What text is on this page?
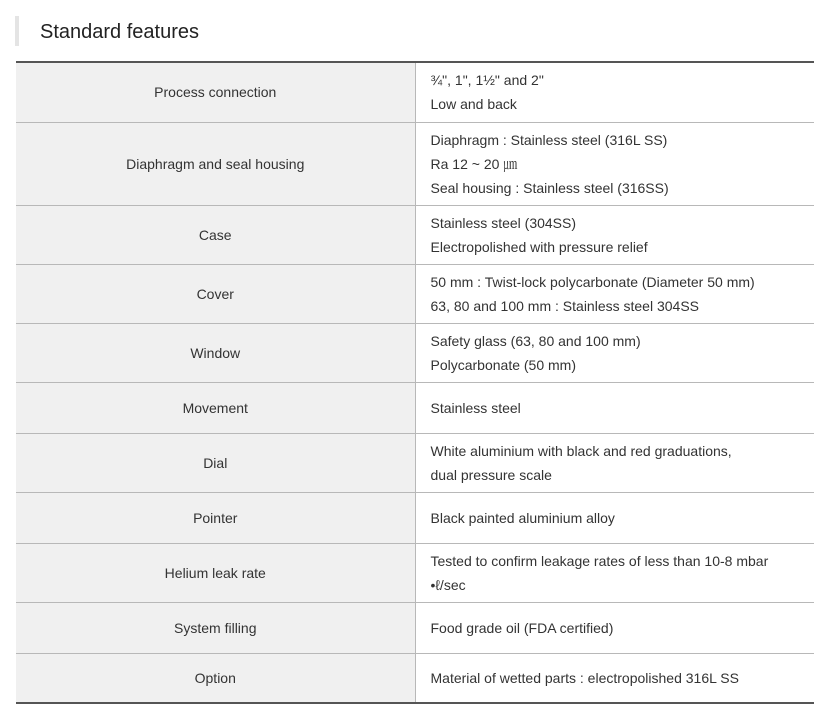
Standard features
Process connection	¾", 1", 1½" and 2"
Low and back

Diaphragm and seal housing	Diaphragm : Stainless steel (316L SS)
Ra 12 ~ 20 ㎛
Seal housing : Stainless steel (316SS)

Case	Stainless steel (304SS)
Electropolished with pressure relief

Cover	50 mm : Twist-lock polycarbonate (Diameter 50 mm)
63, 80 and 100 mm : Stainless steel 304SS

Window	Safety glass (63, 80 and 100 mm)
Polycarbonate (50 mm)

Movement	Stainless steel

Dial	White aluminium with black and red graduations,
dual pressure scale

Pointer	Black painted aluminium alloy

Helium leak rate	Tested to confirm leakage rates of less than 10-8 mbar
•ℓ/sec

System filling	Food grade oil (FDA certified)

Option	Material of wetted parts : electropolished 316L SS
